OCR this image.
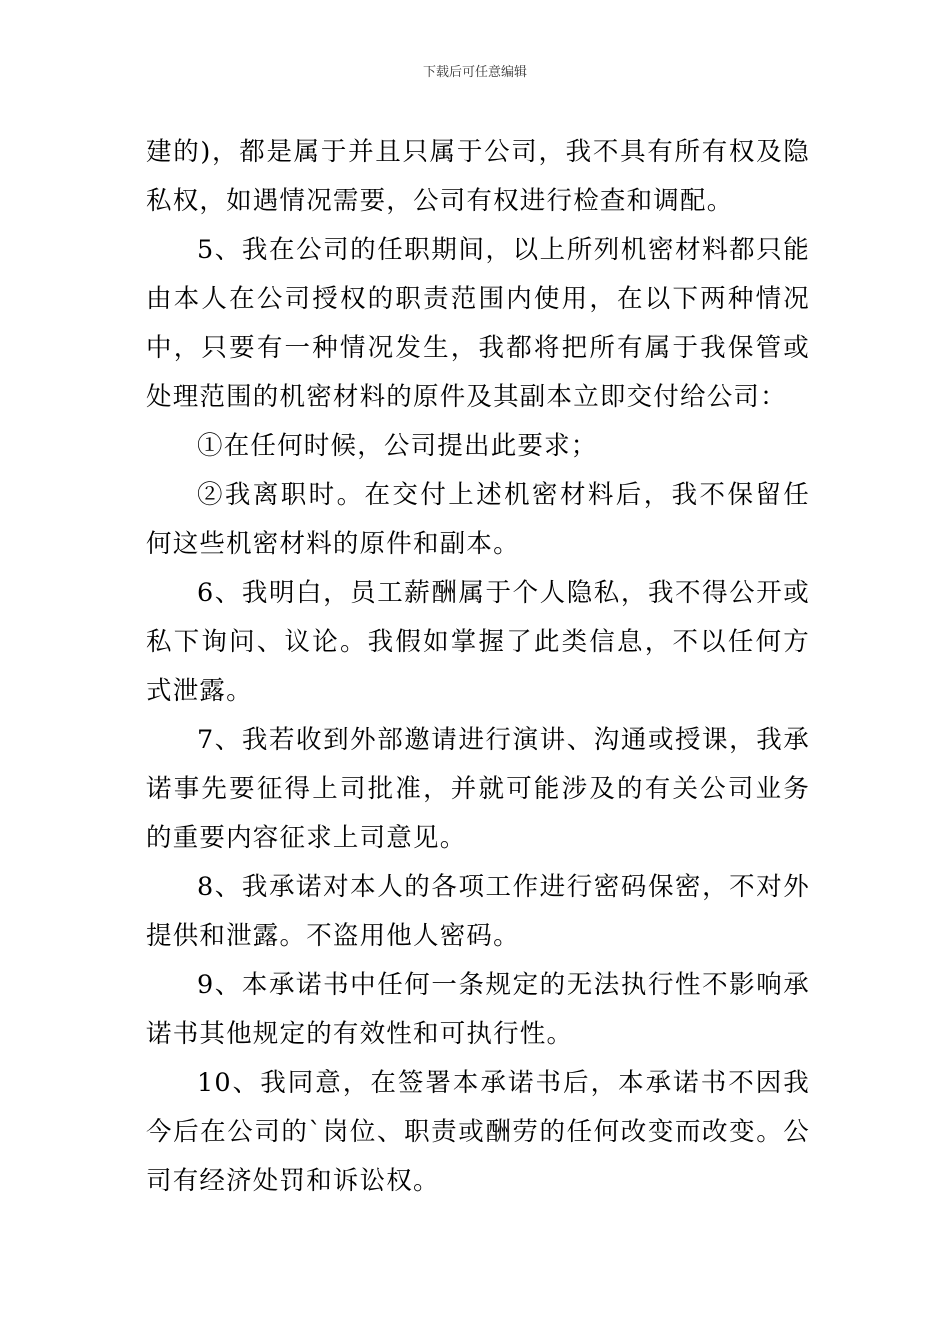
下载后可任意编辑

建的)，都是属于并且只属于公司，我不具有所有权及隐私权，如遇情况需要，公司有权进行检查和调配。

5、我在公司的任职期间，以上所列机密材料都只能由本人在公司授权的职责范围内使用，在以下两种情况中，只要有一种情况发生，我都将把所有属于我保管或处理范围的机密材料的原件及其副本立即交付给公司：

①在任何时候，公司提出此要求；

②我离职时。在交付上述机密材料后，我不保留任何这些机密材料的原件和副本。

6、我明白，员工薪酬属于个人隐私，我不得公开或私下询问、议论。我假如掌握了此类信息，不以任何方式泄露。

7、我若收到外部邀请进行演讲、沟通或授课，我承诺事先要征得上司批准，并就可能涉及的有关公司业务的重要内容征求上司意见。

8、我承诺对本人的各项工作进行密码保密，不对外提供和泄露。不盗用他人密码。

9、本承诺书中任何一条规定的无法执行性不影响承诺书其他规定的有效性和可执行性。

10、我同意，在签署本承诺书后，本承诺书不因我今后在公司的`岗位、职责或酬劳的任何改变而改变。公司有经济处罚和诉讼权。
